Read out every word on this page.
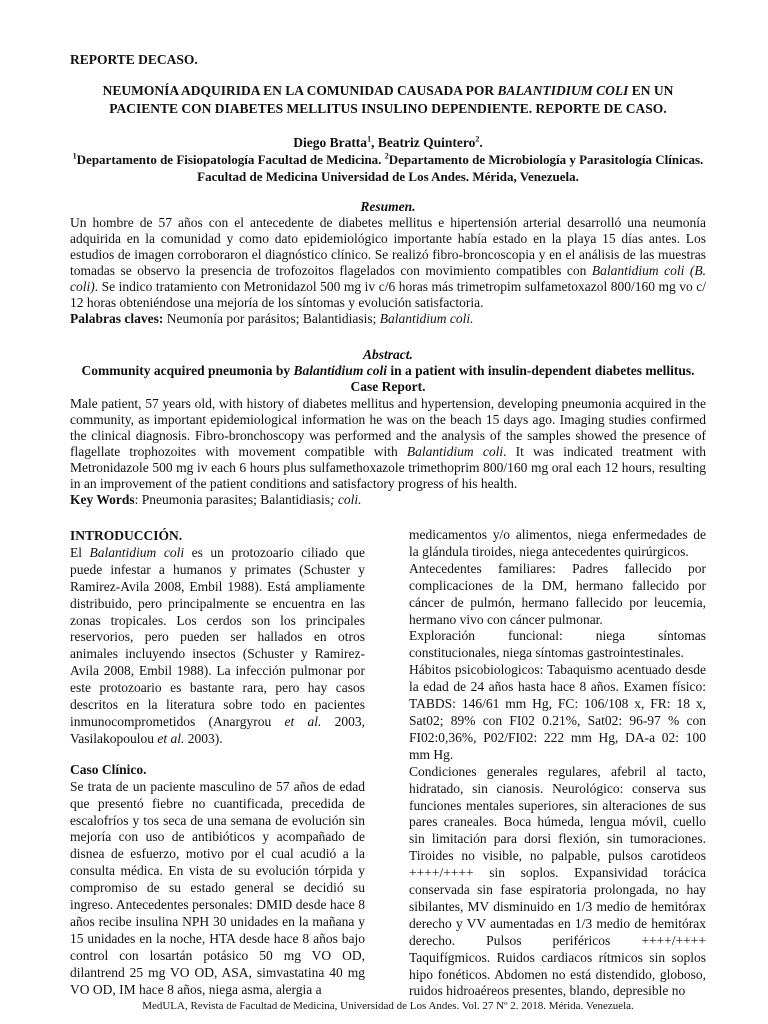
REPORTE DECASO.
NEUMONÍA ADQUIRIDA EN LA COMUNIDAD CAUSADA POR BALANTIDIUM COLI EN UN PACIENTE CON DIABETES MELLITUS INSULINO DEPENDIENTE. REPORTE DE CASO.
Diego Bratta$^1$, Beatriz Quintero$^2$.
$^1$Departamento de Fisiopatología Facultad de Medicina. $^2$Departamento de Microbiología y Parasitología Clínicas. Facultad de Medicina Universidad de Los Andes. Mérida, Venezuela.
Resumen.

Un hombre de 57 años con el antecedente de diabetes mellitus e hipertensión arterial desarrolló una neumonía adquirida en la comunidad y como dato epidemiológico importante había estado en la playa 15 días antes. Los estudios de imagen corroboraron el diagnóstico clínico. Se realizó fibro-broncoscopia y en el análisis de las muestras tomadas se observo la presencia de trofozoitos flagelados con movimiento compatibles con Balantidium coli (B. coli). Se indico tratamiento con Metronidazol 500 mg iv c/6 horas más trimetropim sulfametoxazol 800/160 mg vo c/ 12 horas obteniéndose una mejoría de los síntomas y evolución satisfactoria.

Palabras claves: Neumonía por parásitos; Balantidiasis; Balantidium coli.

Abstract.
Community acquired pneumonia by Balantidium coli in a patient with insulin-dependent diabetes mellitus. Case Report.

Male patient, 57 years old, with history of diabetes mellitus and hypertension, developing pneumonia acquired in the community, as important epidemiological information he was on the beach 15 days ago. Imaging studies confirmed the clinical diagnosis. Fibro-bronchoscopy was performed and the analysis of the samples showed the presence of flagellate trophozoites with movement compatible with Balantidium coli. It was indicated treatment with Metronidazole 500 mg iv each 6 hours plus sulfamethoxazole trimethoprim 800/160 mg oral each 12 hours, resulting in an improvement of the patient conditions and satisfactory progress of his health.

Key Words: Pneumonia parasites; Balantidiasis; coli.

INTRODUCCIÓN.

El Balantidium coli es un protozoario ciliado que puede infestar a humanos y primates (Schuster y Ramirez-Avila 2008, Embil 1988). Está ampliamente distribuido, pero principalmente se encuentra en las zonas tropicales. Los cerdos son los principales reservorios, pero pueden ser hallados en otros animales incluyendo insectos (Schuster y Ramirez-Avila 2008, Embil 1988). La infección pulmonar por este protozoario es bastante rara, pero hay casos descritos en la literatura sobre todo en pacientes inmunocomprometidos (Anargyrou et al. 2003, Vasilakopoulou et al. 2003).

Caso Clínico.

Se trata de un paciente masculino de 57 años de edad que presentó fiebre no cuantificada, precedida de escalofríos y tos seca de una semana de evolución sin mejoría con uso de antibióticos y acompañado de disnea de esfuerzo, motivo por el cual acudió a la consulta médica. En vista de su evolución tórpida y compromiso de su estado general se decidió su ingreso. Antecedentes personales: DMID desde hace 8 años recibe insulina NPH 30 unidades en la mañana y 15 unidades en la noche, HTA desde hace 8 años bajo control con losartán potásico 50 mg VO OD, dilantrend 25 mg VO OD, ASA, simvastatina 40 mg VO OD, IM hace 8 años, niega asma, alergia a

medicamentos y/o alimentos, niega enfermedades de la glándula tiroides, niega antecedentes quirúrgicos.

Antecedentes familiares: Padres fallecido por complicaciones de la DM, hermano fallecido por cáncer de pulmón, hermano fallecido por leucemia, hermano vivo con cáncer pulmonar.

Exploración funcional: niega síntomas constitucionales, niega síntomas gastrointestinales.

Hábitos psicobiologicos: Tabaquismo acentuado desde la edad de 24 años hasta hace 8 años. Examen físico: TABDS: 146/61 mm Hg, FC: 106/108 x, FR: 18 x, Sat02; 89% con FI02 0.21%, Sat02: 96-97 % con FI02:0,36%, P02/FI02: 222 mm Hg, DA-a 02: 100 mm Hg.

Condiciones generales regulares, afebril al tacto, hidratado, sin cianosis. Neurológico: conserva sus funciones mentales superiores, sin alteraciones de sus pares craneales. Boca húmeda, lengua móvil, cuello sin limitación para dorsi flexión, sin tumoraciones. Tiroides no visible, no palpable, pulsos carotideos ++++/++++ sin soplos. Expansividad torácica conservada sin fase espiratoria prolongada, no hay sibilantes, MV disminuido en 1/3 medio de hemitórax derecho y VV aumentadas en 1/3 medio de hemitórax derecho. Pulsos periféricos ++++/++++ Taquifígmicos. Ruidos cardiacos rítmicos sin soplos hipo fonéticos. Abdomen no está distendido, globoso, ruidos hidroaéreos presentes, blando, depresible no

MedULA, Revista de Facultad de Medicina, Universidad de Los Andes. Vol. 27 Nº 2. 2018. Mérida. Venezuela.
